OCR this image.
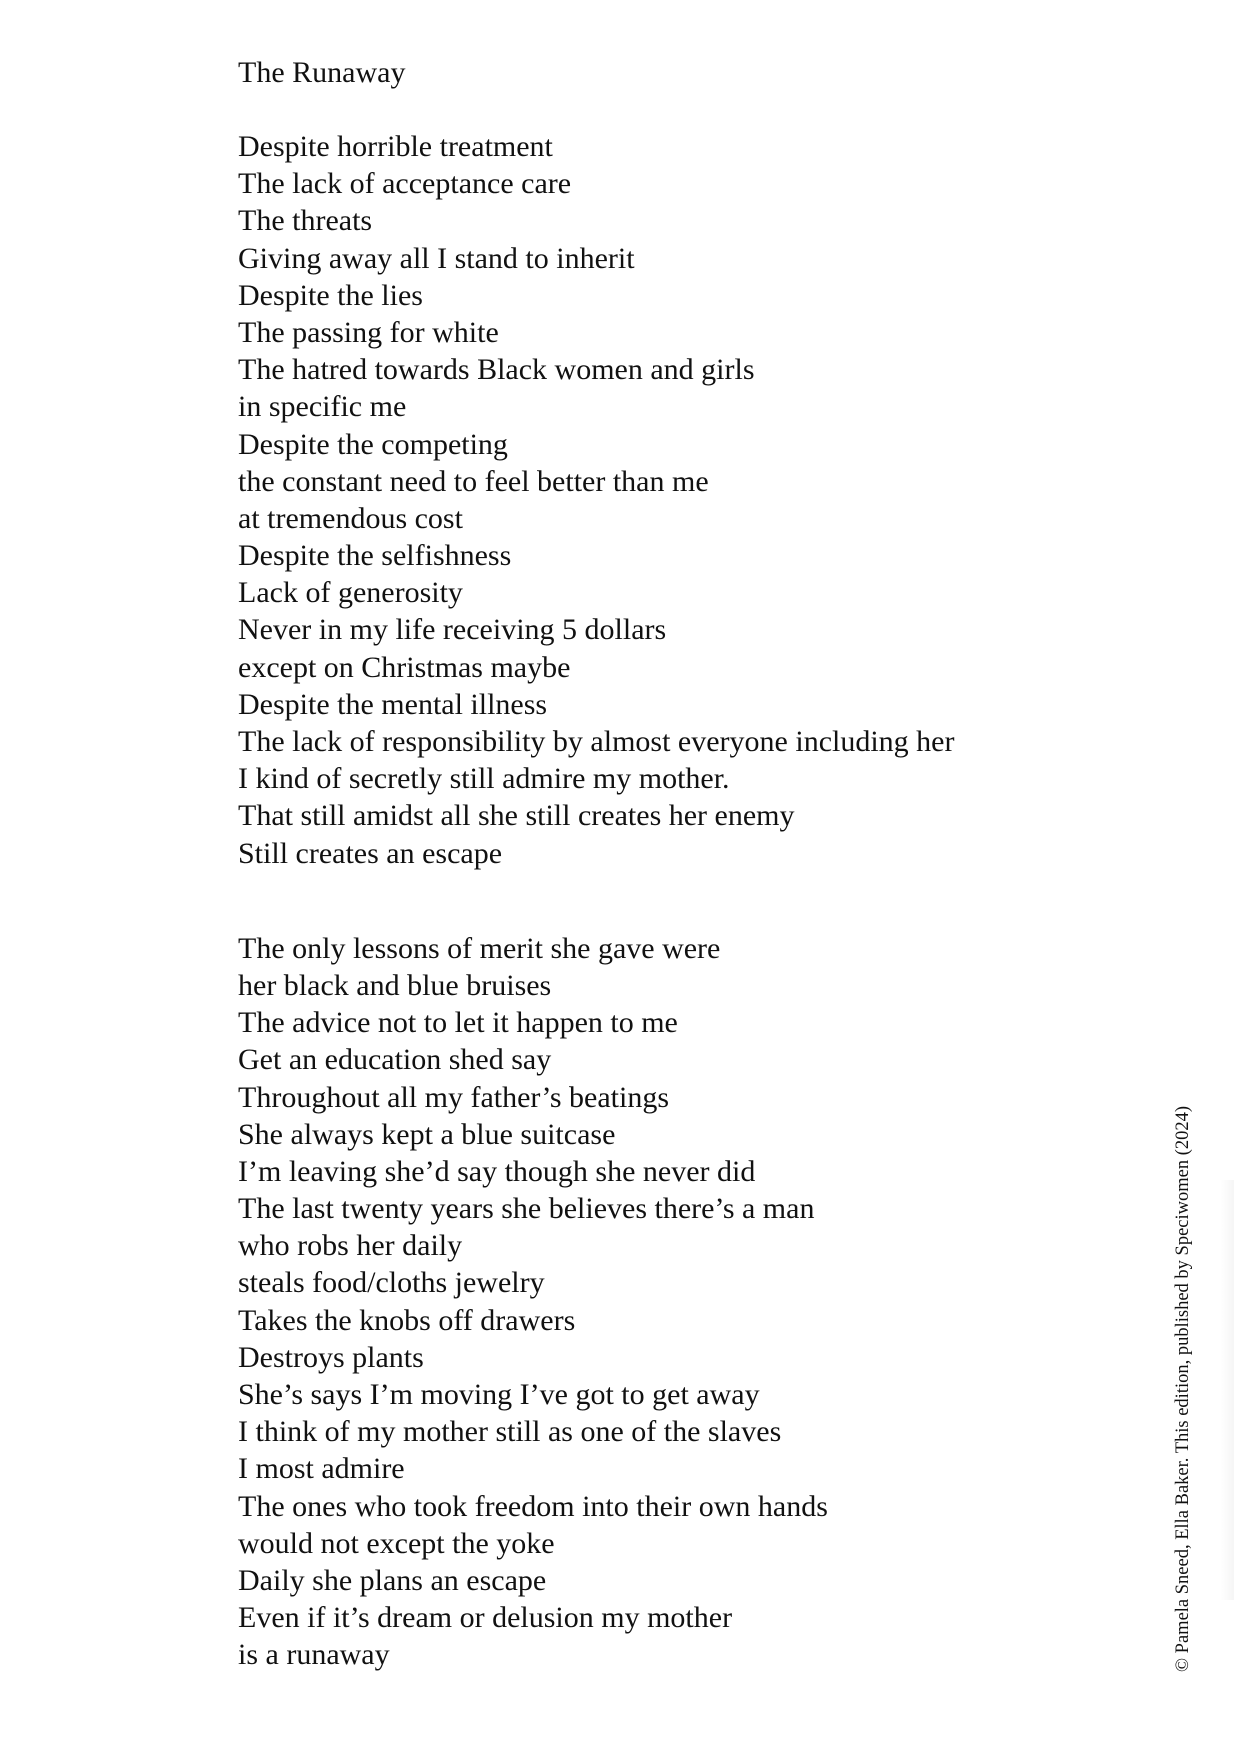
The Runaway
Despite horrible treatment
The lack of acceptance care
The threats
Giving away all I stand to inherit
Despite the lies
The passing for white
The hatred towards Black women and girls
in specific me
Despite the competing
the constant need to feel better than me
at tremendous cost
Despite the selfishness
Lack of generosity
Never in my life receiving 5 dollars
except on Christmas maybe
Despite the mental illness
The lack of responsibility by almost everyone including her
I kind of secretly still admire my mother.
That still amidst all she still creates her enemy
Still creates an escape
The only lessons of merit she gave were
her black and blue bruises
The advice not to let it happen to me
Get an education shed say
Throughout all my father’s beatings
She always kept a blue suitcase
I’m leaving she’d say though she never did
The last twenty years she believes there’s a man
who robs her daily
steals food/cloths jewelry
Takes the knobs off drawers
Destroys plants
She’s says I’m moving I’ve got to get away
I think of my mother still as one of the slaves
I most admire
The ones who took freedom into their own hands
would not except the yoke
Daily she plans an escape
Even if it’s dream or delusion my mother
is a runaway	© Pamela Sneed, Ella Baker. This edition, published by Speciwomen (2024)
